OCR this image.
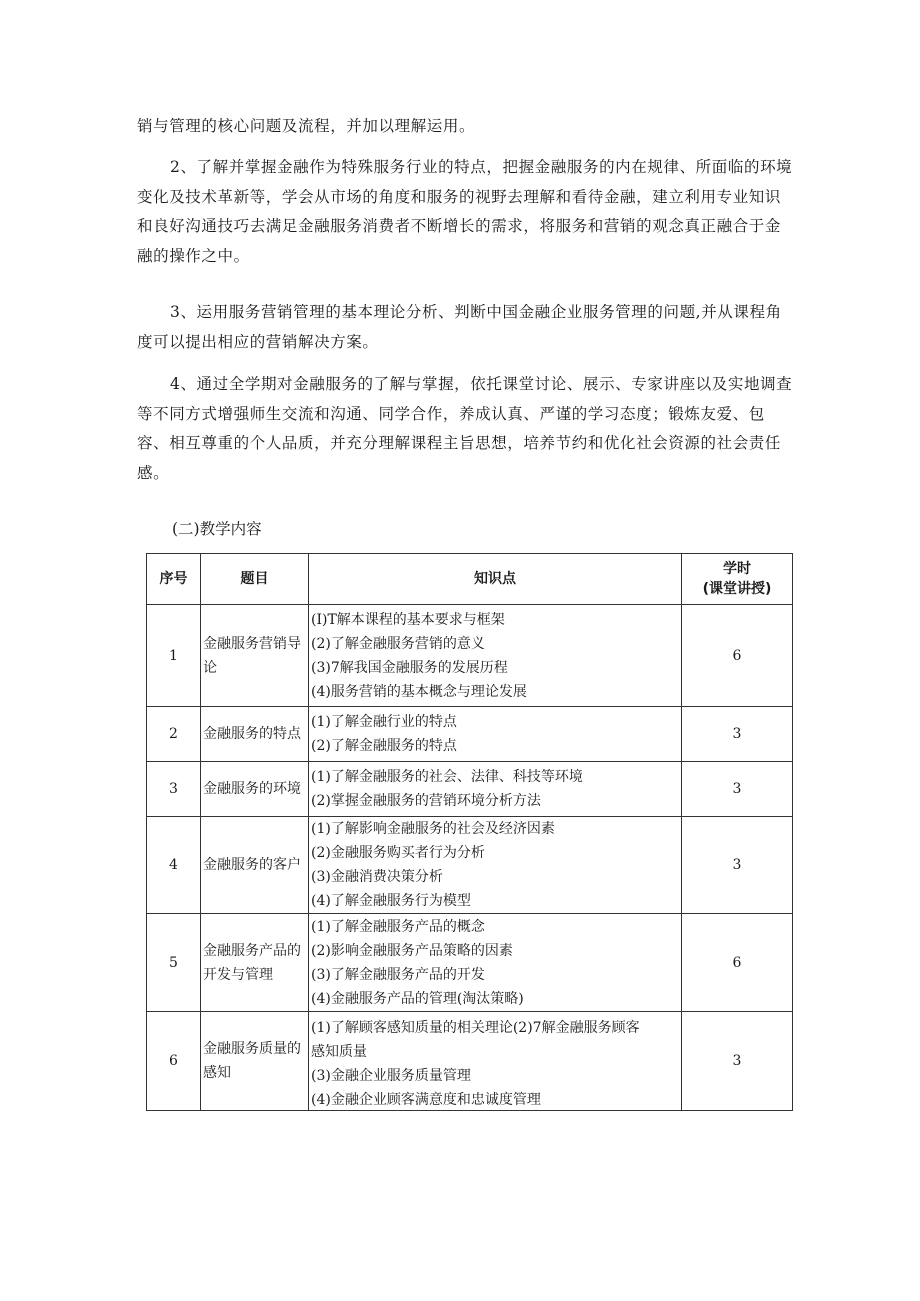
销与管理的核心问题及流程，并加以理解运用。
2、了解并掌握金融作为特殊服务行业的特点，把握金融服务的内在规律、所面临的环境变化及技术革新等，学会从市场的角度和服务的视野去理解和看待金融，建立利用专业知识和良好沟通技巧去满足金融服务消费者不断增长的需求，将服务和营销的观念真正融合于金融的操作之中。
3、运用服务营销管理的基本理论分析、判断中国金融企业服务管理的问题,并从课程角度可以提出相应的营销解决方案。
4、通过全学期对金融服务的了解与掌握，依托课堂讨论、展示、专家讲座以及实地调查等不同方式增强师生交流和沟通、同学合作，养成认真、严谨的学习态度；锻炼友爱、包容、相互尊重的个人品质，并充分理解课程主旨思想，培养节约和优化社会资源的社会责任感。
(二)教学内容
序号	题目	知识点	学时
(课堂讲授)

1	金融服务营销导论	(I)T解本课程的基本要求与框架
(2)了解金融服务营销的意义
(3)7解我国金融服务的发展历程
(4)服务营销的基本概念与理论发展	6
2	金融服务的特点	(1)了解金融行业的特点
(2)了解金融服务的特点	3
3	金融服务的环境	(1)了解金融服务的社会、法律、科技等环境
(2)掌握金融服务的营销环境分析方法	3
4	金融服务的客户	(1)了解影响金融服务的社会及经济因素
(2)金融服务购买者行为分析
(3)金融消费决策分析
(4)了解金融服务行为模型	3
5	金融服务产品的开发与管理	(1)了解金融服务产品的概念
(2)影响金融服务产品策略的因素
(3)了解金融服务产品的开发
(4)金融服务产品的管理(淘汰策略)	6
6	金融服务质量的感知	(1)了解顾客感知质量的相关理论(2)7解金融服务顾客
感知质量
(3)金融企业服务质量管理
(4)金融企业顾客满意度和忠诚度管理	3
